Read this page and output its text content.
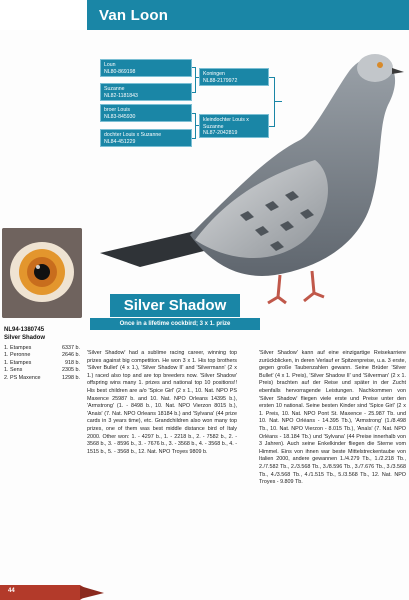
Van Loon
Loun
NL80-869198
Suzanne
NL82-1181843
broer Louis
NL83-845930
dochter Louis x Suzanne
NL84-451229
Koningen
NL88-2179972
kleindochter Louis x Suzanne
NL87-2042819
NL94-1380745
Silver Shadow
1. Etampes	6337 b.
1. Peronne	2646 b.
1. Etampes	918 b.
1. Sens	2305 b.
2. PS Maxence	1298 b.
Silver Shadow
Once in a lifetime cockbird; 3 x 1. prize
'Silver Shadow' had a sublime racing career, winning top prizes against big competition. He won 3 x 1. His top brothers 'Silver Bullet' (4 x 1.), 'Silver Shadow II' and 'Silvermann' (2 x 1.) raced also top and are top breeders now. 'Silver Shadow' offspring wins many 1. prizes and national top 10 positions!! His best children are a/o 'Spice Girl' (2 x 1., 10. Nat. NPO PS Maxence 25987 b. and 10. Nat. NPO Orleans 14395 b.), 'Armstrong' (1. - 8498 b., 10. Nat. NPO Vierzon 8015 b.), 'Anais' (7. Nat. NPO Orleans 18184 b.) and 'Sylvana' (44 prize cards in 3 years time), etc. Grandchildren also won many top prizes, one of them was best middle distance bird of Italy 2000. Other won: 1. - 4297 b., 1. - 2218 b., 2. - 7582 b., 2. - 3568 b., 3. - 8596 b., 3. - 7676 b., 3. - 3568 b., 4. - 3568 b., 4. - 1515 b., 5. - 3568 b., 12. Nat. NPO Troyes 9809 b.
'Silver Shadow' kann auf eine einzigartige Reisekarriere zurückblicken, in deren Verlauf er Spitzenpreise, u.a. 3 erste, gegen große Taubenzahlen gewann. Seine Brüder 'Silver Bullet' (4 x 1. Preis), 'Silver Shadow II' und 'Silverman' (2 x 1. Preis) brachten auf der Reise und später in der Zucht ebenfalls hervorragende Leistungen. Nachkommen von 'Silver Shadow' fliegen viele erste und Preise unter den ersten 10 national. Seine besten Kinder sind 'Spice Girl' (2 x 1. Preis, 10. Nat. NPO Pont St. Maxence - 25.987 Tb. und 10. Nat. NPO Orléans - 14.395 Tb.), 'Armstrong' (1./8.498 Tb., 10. Nat. NPO Vierzon - 8.015 Tb.), 'Anaïs' (7. Nat. NPO Orléans - 18.184 Tb.) und 'Sylvana' (44 Preise innerhalb von 3 Jahren). Auch seine Enkelkinder fliegen die Sterne vom Himmel. Eins von ihnen war beste Mittelstreckentaube von Italien 2000, andere gewannen 1./4.279 Tb., 1./2.218 Tb., 2./7.582 Tb., 2./3.568 Tb., 3./8.596 Tb., 3./7.676 Tb., 3./3.568 Tb., 4./3.568 Tb., 4./1.515 Tb., 5./3.568 Tb., 12. Nat. NPO Troyes - 9.809 Tb.
44
